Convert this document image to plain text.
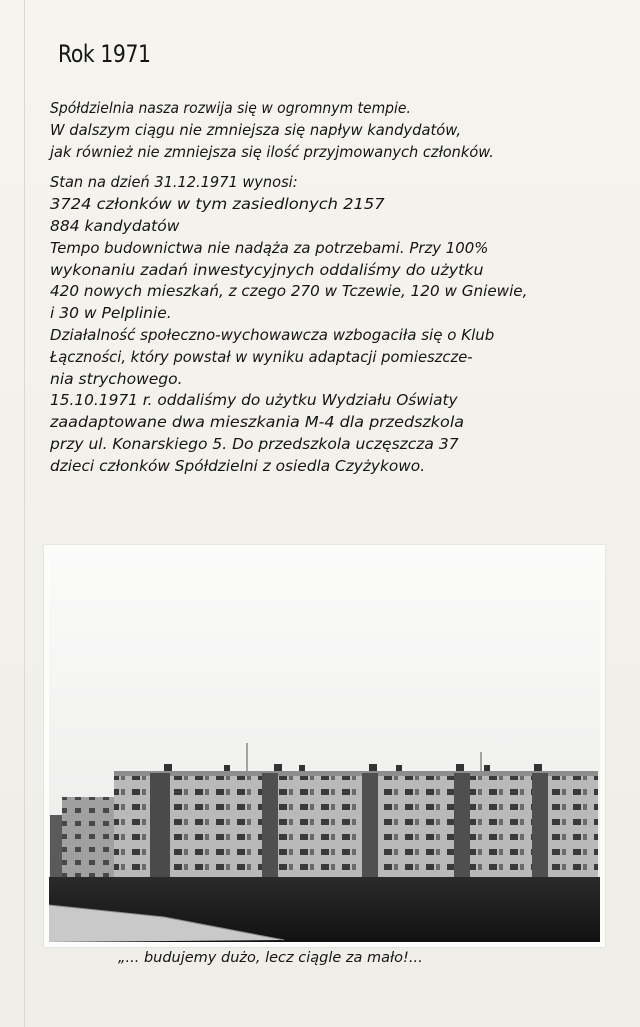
Rok 1971
Spółdzielnia nasza rozwija się w ogromnym tempie.
W dalszym ciągu nie zmniejsza się napływ kandydatów,
jak również nie zmniejsza się ilość przyjmowanych członków.
Stan na dzień 31.12.1971 wynosi:
3724 członków w tym zasiedlonych 2157
884 kandydatów
Tempo budownictwa nie nadąża za potrzebami. Przy 100%
wykonaniu zadań inwestycyjnych oddaliśmy do użytku
420 nowych mieszkań, z czego 270 w Tczewie, 120 w Gniewie,
i 30 w Pelplinie.
Działalność społeczno-wychowawcza wzbogaciła się o Klub
Łączności, który powstał w wyniku adaptacji pomieszcze-
nia strychowego.
15.10.1971 r. oddaliśmy do użytku Wydziału Oświaty
zaadaptowane dwa mieszkania M-4 dla przedszkola
przy ul. Konarskiego 5. Do przedszkola uczęszcza 37
dzieci członków Spółdzielni z osiedla Czyżykowo.
„... budujemy dużo, lecz ciągle za mało!...
